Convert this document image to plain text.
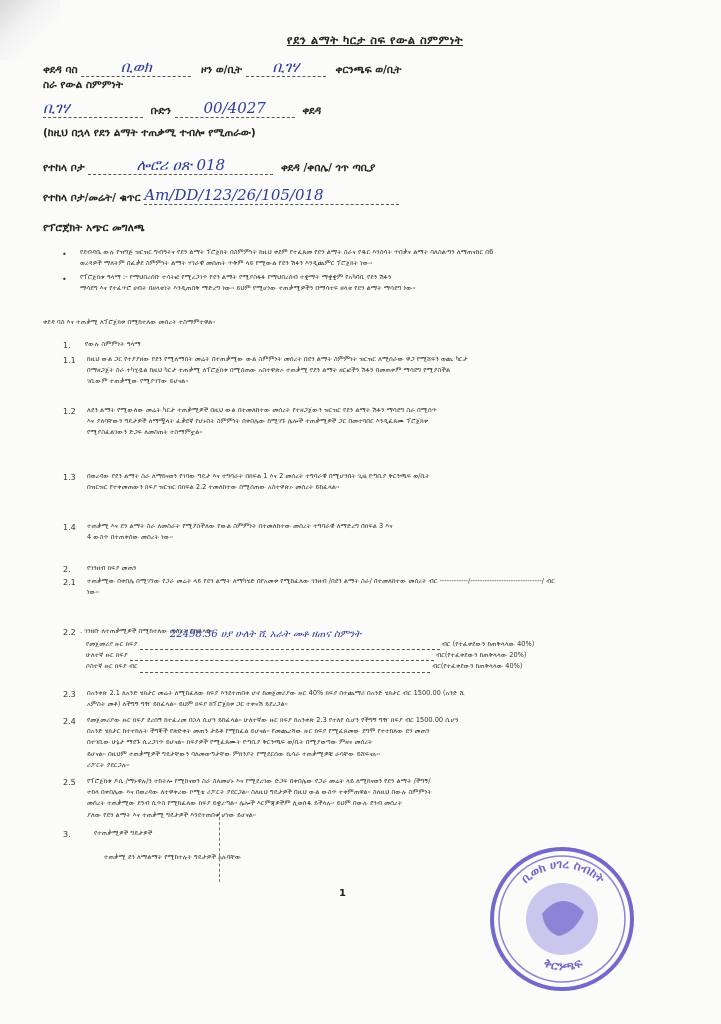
የደን ልማት ካርታ ስፍ የውል ስምምነት
ቀደዳ ባስ	ቢወክ	ዞን ወ/ቢት ቢገሃ	ቀርንጫፍ ወ/ቢት
ስራ የውል ስምምነት
ቢገሃ	ቡድን 00/4027	ቀደዳ
(ከዚህ በኋላ የደን ልማት ተጠቃሚ ተብሎ የሚጠራው)
የተከላ ቦታ	ሎሮሪ ዐጽ 018	ቀደዳ /ቀበሌ/ ጎጥ ጣቢያ
የተከላ ቦታ/መሬት/ ቁጥር Am/DD/123/26/105/018
የፕሮጀክት አጭር መግለጫ
• የደብዳቤ ውሉ የዝግጅ ዝርዝር ግብዓትና የደን ልማት ፕሮጀክት በስምምነት ከዚህ ቀደም የተፈጸመ የደን ልማት ስራና የዱር እንስሳት ጥበቃና ልማት ባለስልጣን ለማጠናከር በ6
ወረዳዎች ማለትም በፈቃደ ስምምነት ልማት ሃገራዊ መሰጠት ጥቅም ላይ የሚውል የደን ሽፋን እንዲጨምር ፕሮጀክት ነው።
• የፕሮጀክቱ ዓላማ :- የማህበረሰቡ ተሳትፎ የሚረጋገጥ የደን ልማት የሚያስፋፋ የማህበረሰብ ተቋማት ማቋቋም የአካባቢ የደን ሽፋን
ማሳደግ እና የተፈጥሮ ሀብት በዘላቂነት እንዲጠበቅ ማድረግ ነው። ይህም የሚሆነው ተጠቃሚዎችን በማሳተፍ ዘላቂ የደን ልማት ማሳደግ ነው።
ቀደዳ ባስ እና ተጠቃሚ ለፕሮጀክቱ በሚከተለው መሰረት ተስማምተዋል።
1. የውሉ ስምምነት ዓላማ
1.1 ከዚህ ውል ጋር የተያያዘው የደን የሚለማበት መሬት በተጠቃሚው ውል ስምምነት መሰረት በደን ልማት ስምምነት ዝርዝር ለሚሰራው ዋጋ የሚሸፍን ወጪ ካርታ
በማዘጋጀት ስራ ተካሂዷል ከዚህ ካርታ ተጠቃሚ ለፕሮጀክቱ በሚሰጠው አስተዋጽኦ ተጠቃሚ የደን ልማት ዘርፎችን ሽፋን በመጠቀም ማሳደግ የሚያስችል
ገቢውም ተጠቃሚው የሚያገኘው ይሆናል።
1.2 ለደን ልማት የሚውለው መሬት ካርታ ተጠቃሚዎች በዚህ ውል በተመለከተው መሰረት የተዘጋጀውን ዝርዝር የደን ልማት ሽፋን ማሳደግ ስራ በሚሰጥ
እና ያለባቸውን ግዴታዎች ለማሟላት ፈቃደኛ የሆኑበት ስምምነት በቀበሌው ከሚገኙ ሌሎች ተጠቃሚዎች ጋር በመተባበር እንዲፈጸሙ ፕሮጀክቱ
የሚያስፈልገውን ድጋፍ ለመስጠት ተስማምቷል።
1.3 በወረዳው የደን ልማት ስራ ለማከናወን የገባው ግዴታ እና ተግባራት በክፍል 1 እና 2 መሰረት ተግባራዊ በሚሆንበት ጊዜ የጣቢያ ቅርንጫፍ ወ/ቢት
በዝርዝር የተቀመጠውን ክፍያ ዝርዝር በክፍል 2.2 ተመለከተው በሚሰጠው አስተዋጽኦ መሰረት ይከፈላል።
1.4 ተጠቃሚ እና ደን ልማት ስራ ለመስራት የሚያስችለው የውል ስምምነት በተመለከተው መሰረት ተግባራዊ ለማድረግ በክፍል 3 እና
4 ውስጥ በተጠቀሰው መሰረት ነው።
2. የገንዘብ ክፍያ መጠን
2.1 ተጠቃሚው በቀበሌ በሚገኘው የጋራ መሬት ላይ የደን ልማት ለማካሄድ በየአመቱ የሚከፈለው ገንዘብ /በደን ልማት ስራ/ በተመለከተው መሰረት ብር ------------/------------------------------/ ብር
ነው።
2.2 . ገንዘቡ ለተጠቃሚዎች በሚከተለው መሰረት ይከፈላል።
22498.36 ሀያ ሁለት ሺ አራት መቶ ዘጠና ስምንት
የመጀመሪያ ዙር ክፍያ	ብር (የተፈቀደውን ከጠቅላላው 40%)
ሁለተኛ ዙር ክፍያ	ብር(የተፈቀደውን ከጠቅላላው 20%)
ሶስተኛ ዙር ክፍያ ብር	ብር(የተፈቀደውን ከጠቅላላው 40%)
2.3 በአንቀጽ 2.1 ለአንድ ሄክታር መሬት ለሚከፈለው ክፍያ እንደተጠበቀ ሆኖ ከመጀመሪያው ዙር 40% ክፍያ በተጨማሪ በአንድ ሄክታር ብር 1500.00 (አንድ ሺ
አምስት መቶ) ለችግኝ ግዥ ይከፈላል። ይህም ክፍያ ከፕሮጀክቱ ጋር ተቀናሽ ይደረጋል።
2.4 የመጀመሪያው ዙር ክፍያ ደረሰኝ ከተፈረመ በኋላ ሲሆን ይከፈላል። ሁለተኛው ዙር ክፍያ ከአንቀጽ 2.3 የተለየ ሲሆን የችግኝ ግዥ ክፍያ ብር 1500.00 ሲሆን
በአንድ ሄክታር ከተተከሉት ችግኞች የጽድቀት መጠን ታይቶ የሚከፈል ይሆናል። የመጨረሻው ዙር ክፍያ የሚፈጸመው ደግሞ የተተከለው ደን መጠን
በተገቢው ሁኔታ ማደጉ ሲረጋገጥ ይሆናል። ክፍያዎች የሚፈጸሙት የጣቢያ ቅርንጫፍ ወ/ቢት በሚያወጣው ምዘና መሰረት
ይሆናል። በዚህም ተጠቃሚዎች ግዴታቸውን ባለመወጣታቸው ምክንያት የሚደርሰው ኪሳራ ተጠቃሚዎቹ ራሳቸው ይሸፍናሉ።
ሪፖርት ያደርጋሉ።
2.5 የፕሮጀክቱ ዶሴ /ማኑዋሉ/ን ተከትሎ የሚከናወን ስራ ስለመሆኑ እና የሚደረገው ድጋፍ በቀበሌው የጋራ መሬት ላይ ለሚከናወን የደን ልማት /ችግኝ/
ተከላ በቀበሌው እና በወረዳው ለተዋቀረው ኮሚቴ ሪፖርት ያደርጋል። ስለዚህ ግዴታዎች በዚህ ውል ውስጥ ተቀምጠዋል። ስለዚህ በውሉ ስምምነት
መሰረት ተጠቃሚው ደንብ ሲጥስ የሚከፈለው ክፍያ ይቋረጣል። ሌሎች እርምጃዎችም ሊወሰዱ ይችላሉ። ይህም በውሉ ደንብ መሰረት
ያለው የደን ልማት እና ተጠቃሚ ግዴታዎች እንደተጠበቁ ሆነው ይሆናል።
3.	የተጠቃሚዎች ግዴታዎች
ተጠቃሚ ደን ለማልማት የሚከተሉት ግዴታዎች አሉባቸው
1
ቢወክ ሀገረ ስብከት
ቅርንጫፍ
